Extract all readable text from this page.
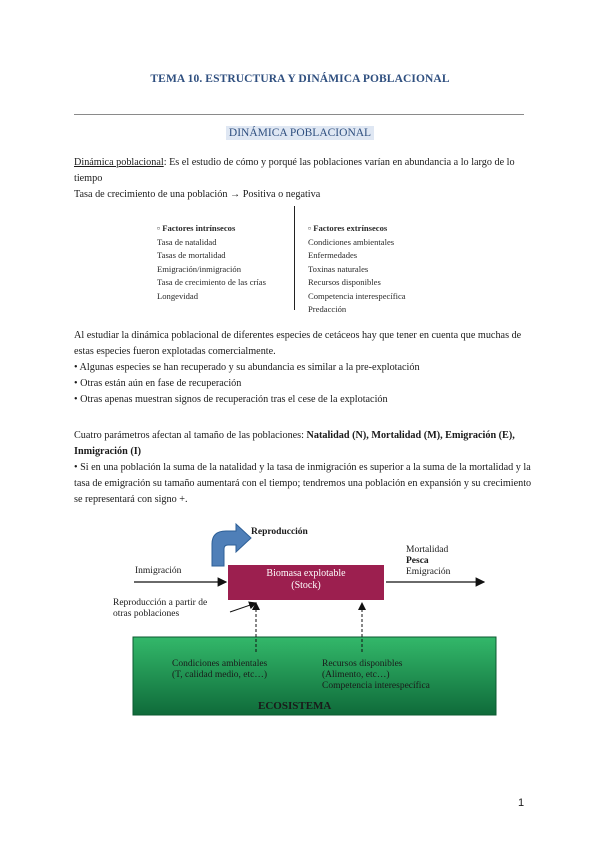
TEMA 10. ESTRUCTURA Y DINÁMICA POBLACIONAL
DINÁMICA POBLACIONAL

Dinámica poblacional: Es el estudio de cómo y porqué las poblaciones varían en abundancia a lo largo de lo tiempo

Tasa de crecimiento de una población → Positiva o negativa

▫ Factores intrínsecos
Tasa de natalidad
Tasas de mortalidad
Emigración/inmigración
Tasa de crecimiento de las crías
Longevidad
▫ Factores extrínsecos
Condiciones ambientales
Enfermedades
Toxinas naturales
Recursos disponibles
Competencia interespecífica
Predacción

Al estudiar la dinámica poblacional de diferentes especies de cetáceos hay que tener en cuenta que muchas de estas especies fueron explotadas comercialmente.

• Algunas especies se han recuperado y su abundancia es similar a la pre-explotación

• Otras están aún en fase de recuperación

• Otras apenas muestran signos de recuperación tras el cese de la explotación

Cuatro parámetros afectan al tamaño de las poblaciones: Natalidad (N), Mortalidad (M), Emigración (E), Inmigración (I)

• Si en una población la suma de la natalidad y la tasa de inmigración es superior a la suma de la mortalidad y la tasa de emigración su tamaño aumentará con el tiempo; tendremos una población en expansión y su crecimiento se representará con signo +.

Reproducción
Inmigración	Biomasa explotable
(Stock)
Mortalidad
Pesca
Emigración
Reproducción a partir de
otras poblaciones
Condiciones ambientales
(T, calidad medio, etc…)
Recursos disponibles
(Alimento, etc…)
Competencia interespecífica
ECOSISTEMA
1
